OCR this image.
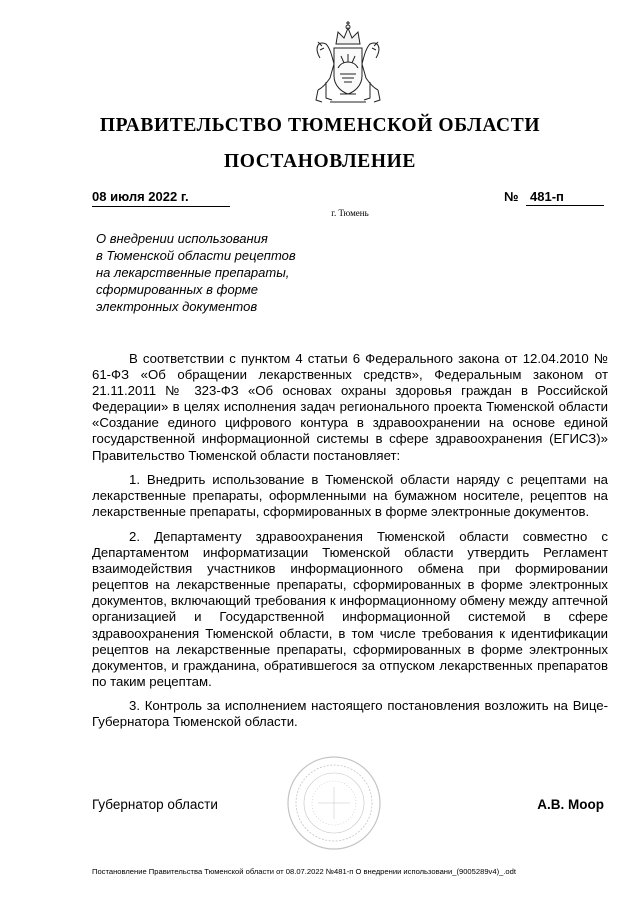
ПРАВИТЕЛЬСТВО ТЮМЕНСКОЙ ОБЛАСТИ
ПОСТАНОВЛЕНИЕ
08 июля 2022 г.	№ 481-п
г. Тюмень
О внедрении использования
в Тюменской области рецептов
на лекарственные препараты,
сформированных в форме
электронных документов

В соответствии с пунктом 4 статьи 6 Федерального закона от 12.04.2010 № 61-ФЗ «Об обращении лекарственных средств», Федеральным законом от 21.11.2011 № 323-ФЗ «Об основах охраны здоровья граждан в Российской Федерации» в целях исполнения задач регионального проекта Тюменской области «Создание единого цифрового контура в здравоохранении на основе единой государственной информационной системы в сфере здравоохранения (ЕГИСЗ)» Правительство Тюменской области постановляет:

1. Внедрить использование в Тюменской области наряду с рецептами на лекарственные препараты, оформленными на бумажном носителе, рецептов на лекарственные препараты, сформированных в форме электронные документов.

2. Департаменту здравоохранения Тюменской области совместно с Департаментом информатизации Тюменской области утвердить Регламент взаимодействия участников информационного обмена при формировании рецептов на лекарственные препараты, сформированных в форме электронных документов, включающий требования к информационному обмену между аптечной организацией и Государственной информационной системой в сфере здравоохранения Тюменской области, в том числе требования к идентификации рецептов на лекарственные препараты, сформированных в форме электронных документов, и гражданина, обратившегося за отпуском лекарственных препаратов по таким рецептам.

3. Контроль за исполнением настоящего постановления возложить на Вице-Губернатора Тюменской области.

Губернатор области	А.В. Моор
Постановление Правительства Тюменской области от 08.07.2022 №481-п О внедрении использовани_(9005289v4)_.odt
